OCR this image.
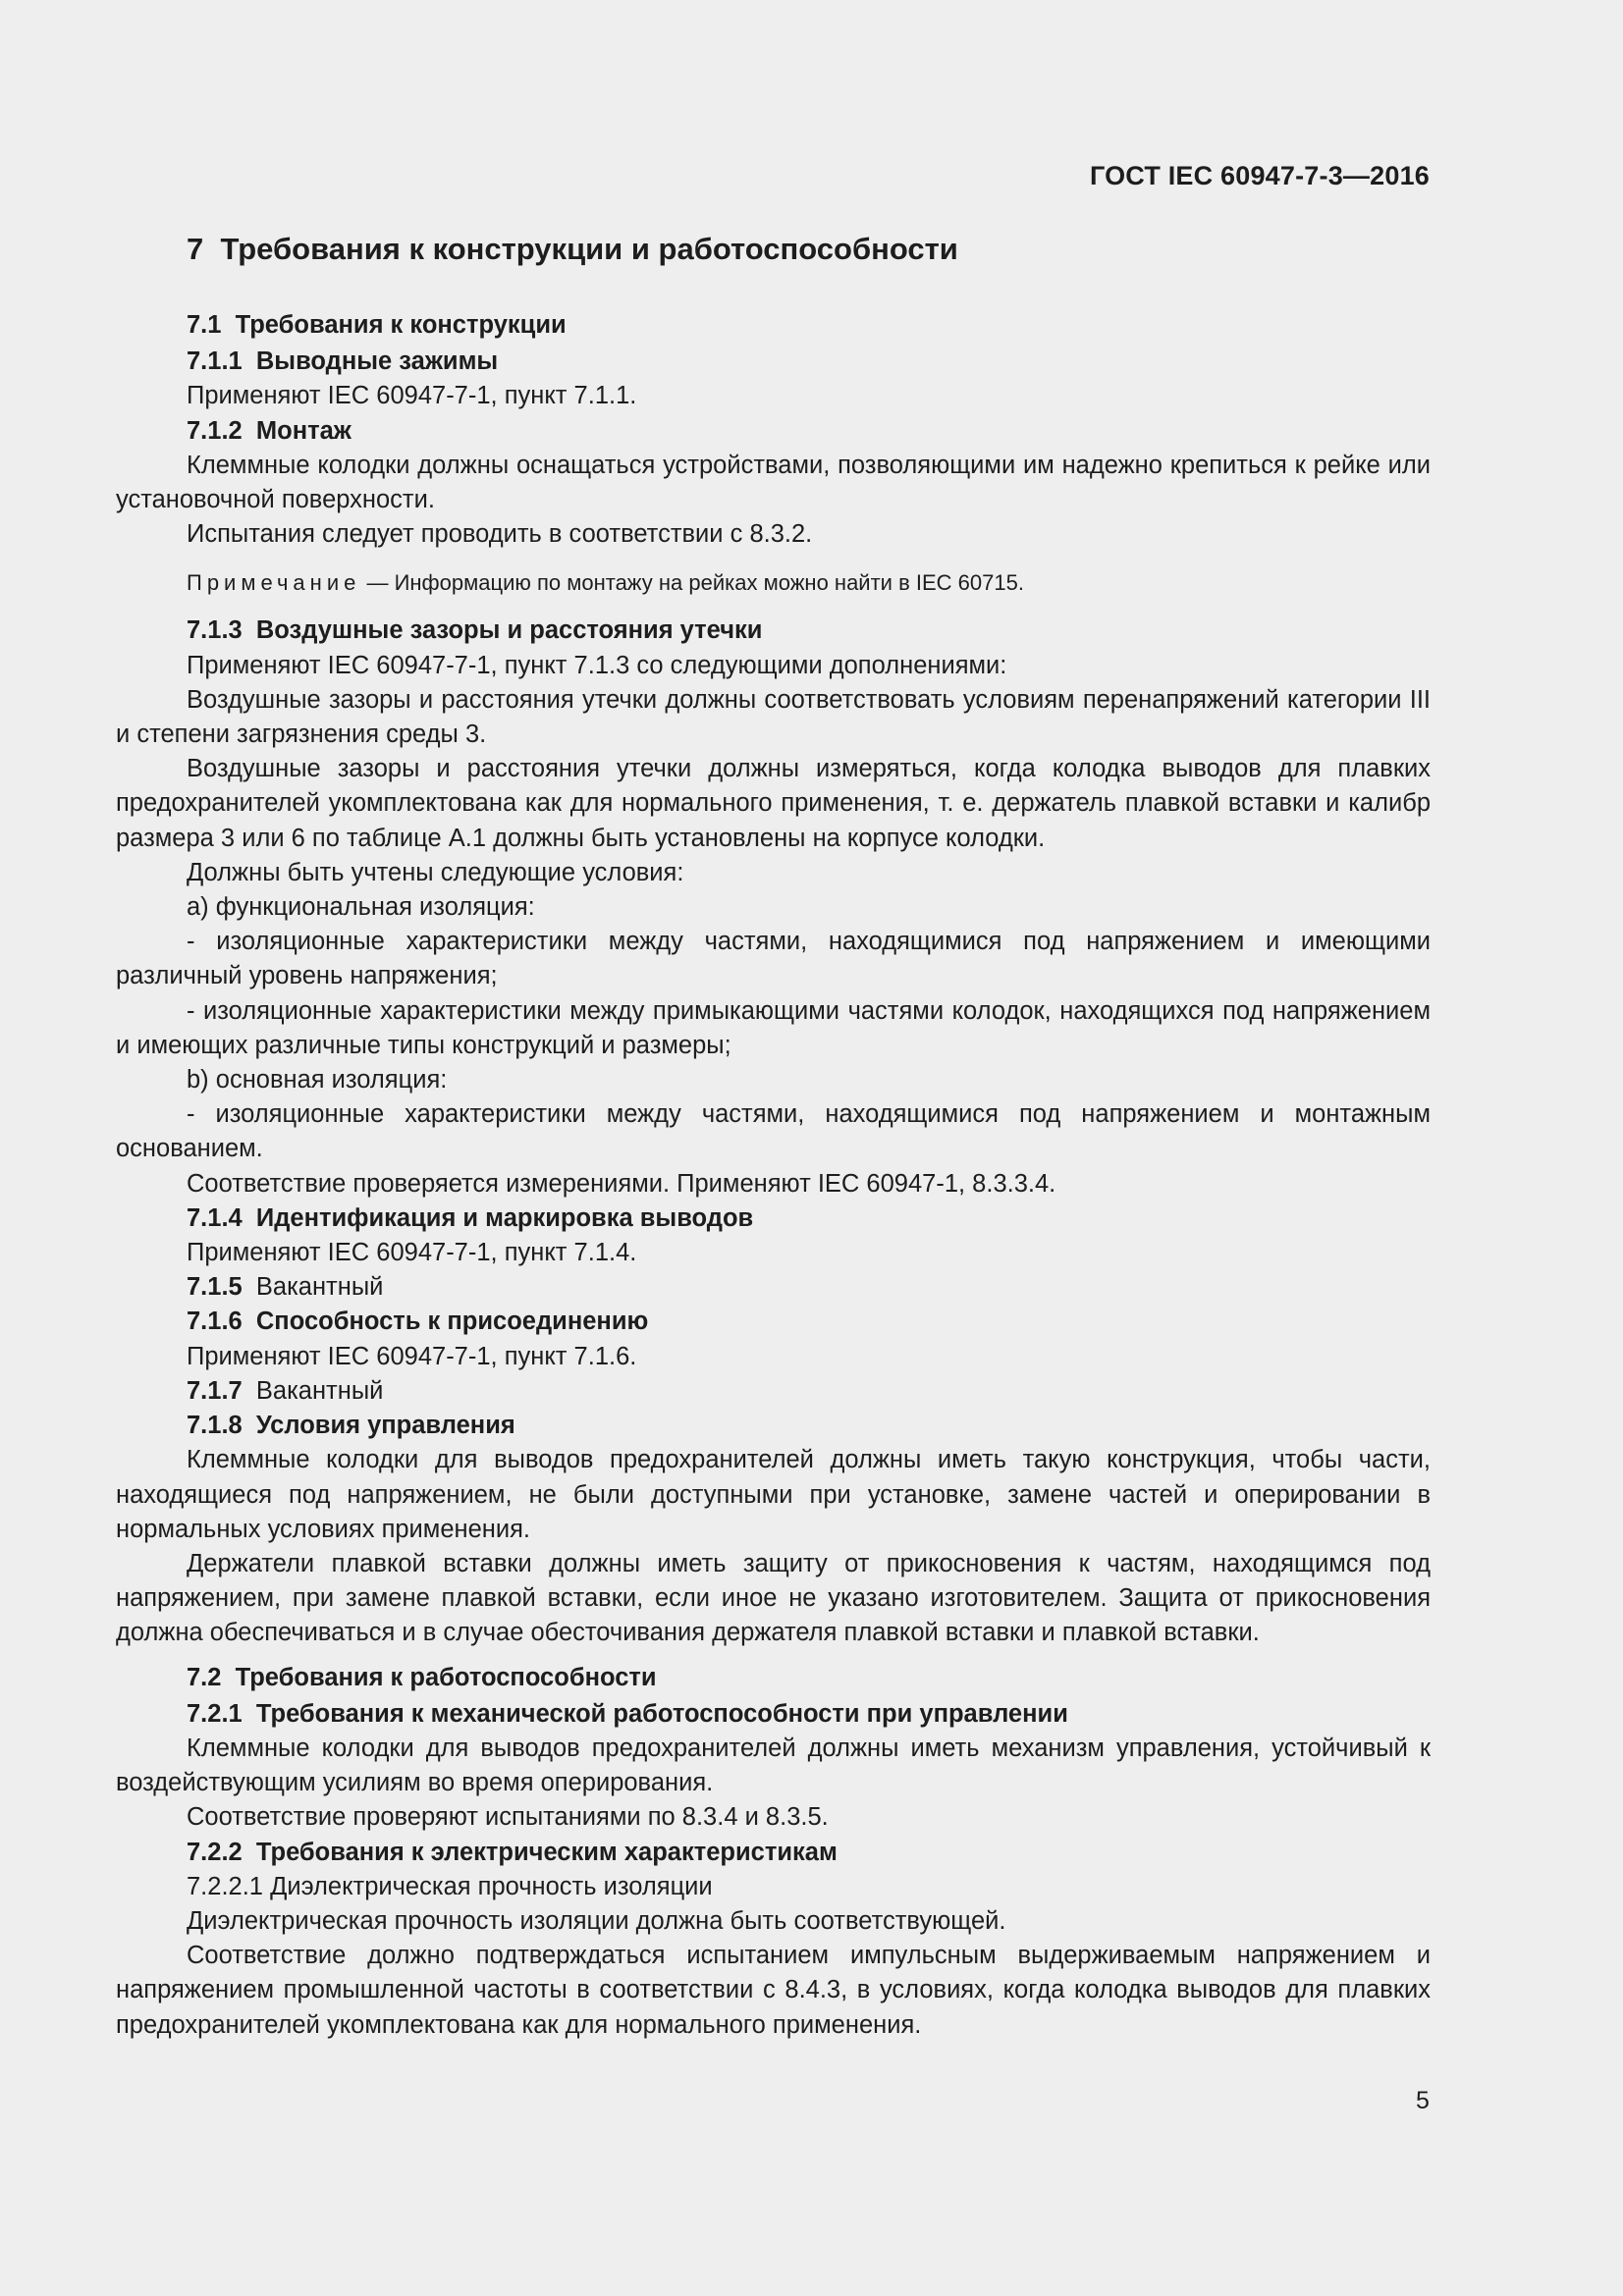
ГОСТ IEC 60947-7-3—2016
7 Требования к конструкции и работоспособности
7.1 Требования к конструкции
7.1.1 Выводные зажимы

Применяют IEC 60947-7-1, пункт 7.1.1.

7.1.2 Монтаж

Клеммные колодки должны оснащаться устройствами, позволяющими им надежно крепиться к рейке или установочной поверхности.

Испытания следует проводить в соответствии с 8.3.2.

Примечание — Информацию по монтажу на рейках можно найти в IEC 60715.
7.1.3 Воздушные зазоры и расстояния утечки

Применяют IEC 60947-7-1, пункт 7.1.3 со следующими дополнениями:

Воздушные зазоры и расстояния утечки должны соответствовать условиям перенапряжений категории III и степени загрязнения среды 3.

Воздушные зазоры и расстояния утечки должны измеряться, когда колодка выводов для плавких предохранителей укомплектована как для нормального применения, т. е. держатель плавкой вставки и калибр размера 3 или 6 по таблице А.1 должны быть установлены на корпусе колодки.

Должны быть учтены следующие условия:

a) функциональная изоляция:

- изоляционные характеристики между частями, находящимися под напряжением и имеющими различный уровень напряжения;

- изоляционные характеристики между примыкающими частями колодок, находящихся под напряжением и имеющих различные типы конструкций и размеры;

b) основная изоляция:

- изоляционные характеристики между частями, находящимися под напряжением и монтажным основанием.

Соответствие проверяется измерениями. Применяют IEC 60947-1, 8.3.3.4.

7.1.4 Идентификация и маркировка выводов

Применяют IEC 60947-7-1, пункт 7.1.4.

7.1.5 Вакантный
7.1.6 Способность к присоединению

Применяют IEC 60947-7-1, пункт 7.1.6.

7.1.7 Вакантный
7.1.8 Условия управления

Клеммные колодки для выводов предохранителей должны иметь такую конструкция, чтобы части, находящиеся под напряжением, не были доступными при установке, замене частей и оперировании в нормальных условиях применения.

Держатели плавкой вставки должны иметь защиту от прикосновения к частям, находящимся под напряжением, при замене плавкой вставки, если иное не указано изготовителем. Защита от прикосновения должна обеспечиваться и в случае обесточивания держателя плавкой вставки и плавкой вставки.

7.2 Требования к работоспособности
7.2.1 Требования к механической работоспособности при управлении

Клеммные колодки для выводов предохранителей должны иметь механизм управления, устойчивый к воздействующим усилиям во время оперирования.

Соответствие проверяют испытаниями по 8.3.4 и 8.3.5.

7.2.2 Требования к электрическим характеристикам

7.2.2.1 Диэлектрическая прочность изоляции

Диэлектрическая прочность изоляции должна быть соответствующей.

Соответствие должно подтверждаться испытанием импульсным выдерживаемым напряжением и напряжением промышленной частоты в соответствии с 8.4.3, в условиях, когда колодка выводов для плавких предохранителей укомплектована как для нормального применения.

5
